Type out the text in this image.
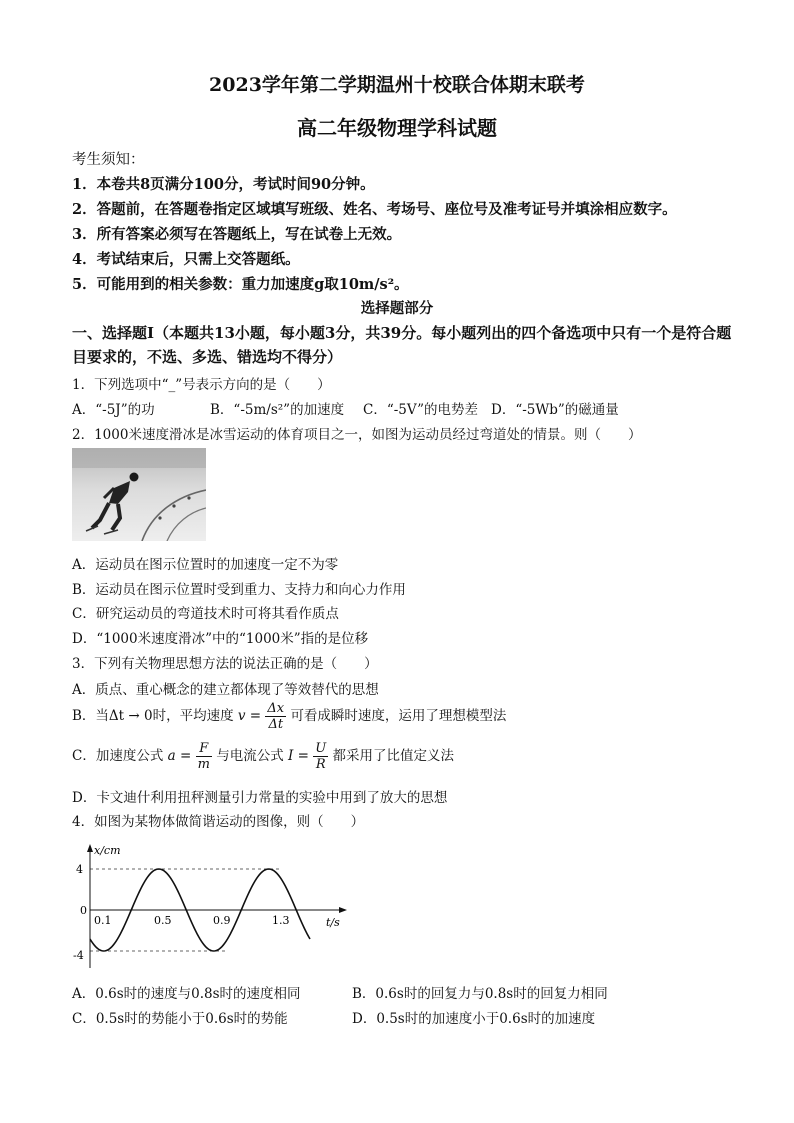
2023学年第二学期温州十校联合体期末联考
高二年级物理学科试题
考生须知：
1．本卷共8页满分100分，考试时间90分钟。
2．答题前，在答题卷指定区域填写班级、姓名、考场号、座位号及准考证号并填涂相应数字。
3．所有答案必须写在答题纸上，写在试卷上无效。
4．考试结束后，只需上交答题纸。
5．可能用到的相关参数：重力加速度g取10m/s²。
选择题部分
一、选择题Ⅰ（本题共13小题，每小题3分，共39分。每小题列出的四个备选项中只有一个是符合题目要求的，不选、多选、错选均不得分）
1．下列选项中“_”号表示方向的是（　　）
A．“-5J”的功	B．“-5m/s²”的加速度 C．“-5V”的电势差 D．“-5Wb”的磁通量
2．1000米速度滑冰是冰雪运动的体育项目之一，如图为运动员经过弯道处的情景。则（　　）
A．运动员在图示位置时的加速度一定不为零
B．运动员在图示位置时受到重力、支持力和向心力作用
C．研究运动员的弯道技术时可将其看作质点
D．“1000米速度滑冰”中的“1000米”指的是位移
3．下列有关物理思想方法的说法正确的是（　　）
A．质点、重心概念的建立都体现了等效替代的思想
B．当Δt → 0时，平均速度 $v = \frac{\Delta x}{\Delta t}$ 可看成瞬时速度，运用了理想模型法
C．加速度公式 $a = \frac{F}{m}$ 与电流公式 $I = \frac{U}{R}$ 都采用了比值定义法
D．卡文迪什利用扭秤测量引力常量的实验中用到了放大的思想
4．如图为某物体做简谐运动的图像，则（　　）
x/cm
t/s
4
0
-4
0.1	0.5	0.9	1.3
A．0.6s时的速度与0.8s时的速度相同	B．0.6s时的回复力与0.8s时的回复力相同
C．0.5s时的势能小于0.6s时的势能	D．0.5s时的加速度小于0.6s时的加速度
